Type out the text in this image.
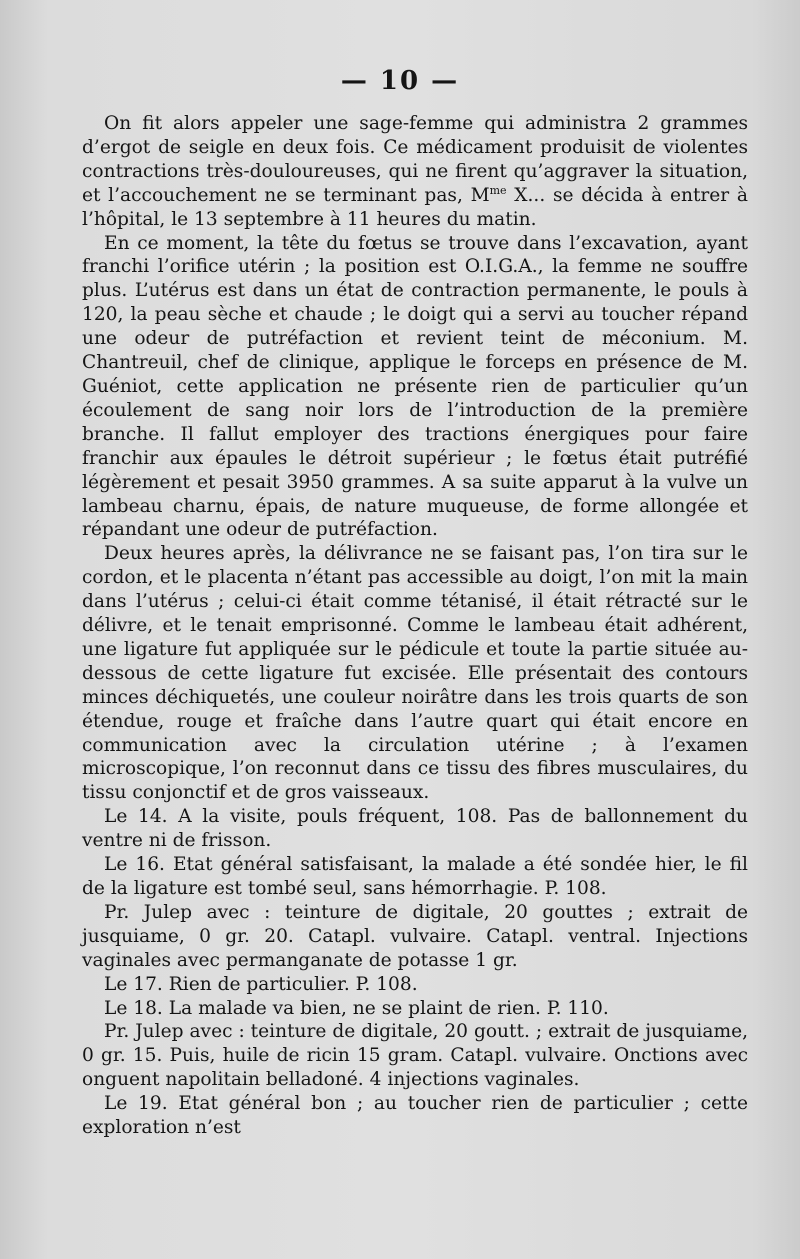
— 10 —

On fit alors appeler une sage-femme qui administra 2 grammes d’ergot de seigle en deux fois. Ce médicament produisit de violentes contractions très-douloureuses, qui ne firent qu’aggraver la situation, et l’accouchement ne se terminant pas, $M^{me}$ X... se décida à entrer à l’hôpital, le 13 septembre à 11 heures du matin.

En ce moment, la tête du fœtus se trouve dans l’excavation, ayant franchi l’orifice utérin ; la position est O.I.G.A., la femme ne souffre plus. L’utérus est dans un état de contraction permanente, le pouls à 120, la peau sèche et chaude ; le doigt qui a servi au toucher répand une odeur de putréfaction et revient teint de méconium. M. Chantreuil, chef de clinique, applique le forceps en présence de M. Guéniot, cette application ne présente rien de particulier qu’un écoulement de sang noir lors de l’introduction de la première branche. Il fallut employer des tractions énergiques pour faire franchir aux épaules le détroit supérieur ; le fœtus était putréfié légèrement et pesait 3950 grammes. A sa suite apparut à la vulve un lambeau charnu, épais, de nature muqueuse, de forme allongée et répandant une odeur de putréfaction.

Deux heures après, la délivrance ne se faisant pas, l’on tira sur le cordon, et le placenta n’étant pas accessible au doigt, l’on mit la main dans l’utérus ; celui-ci était comme tétanisé, il était rétracté sur le délivre, et le tenait emprisonné. Comme le lambeau était adhérent, une ligature fut appliquée sur le pédicule et toute la partie située au-dessous de cette ligature fut excisée. Elle présentait des contours minces déchiquetés, une couleur noirâtre dans les trois quarts de son étendue, rouge et fraîche dans l’autre quart qui était encore en communication avec la circulation utérine ; à l’examen microscopique, l’on reconnut dans ce tissu des fibres musculaires, du tissu conjonctif et de gros vaisseaux.

Le 14. A la visite, pouls fréquent, 108. Pas de ballonnement du ventre ni de frisson.

Le 16. Etat général satisfaisant, la malade a été sondée hier, le fil de la ligature est tombé seul, sans hémorrhagie. P. 108.

Pr. Julep avec : teinture de digitale, 20 gouttes ; extrait de jusquiame, 0 gr. 20. Catapl. vulvaire. Catapl. ventral. Injections vaginales avec permanganate de potasse 1 gr.

Le 17. Rien de particulier. P. 108.

Le 18. La malade va bien, ne se plaint de rien. P. 110.

Pr. Julep avec : teinture de digitale, 20 goutt. ; extrait de jusquiame, 0 gr. 15. Puis, huile de ricin 15 gram. Catapl. vulvaire. Onctions avec onguent napolitain belladoné. 4 injections vaginales.

Le 19. Etat général bon ; au toucher rien de particulier ; cette exploration n’est
